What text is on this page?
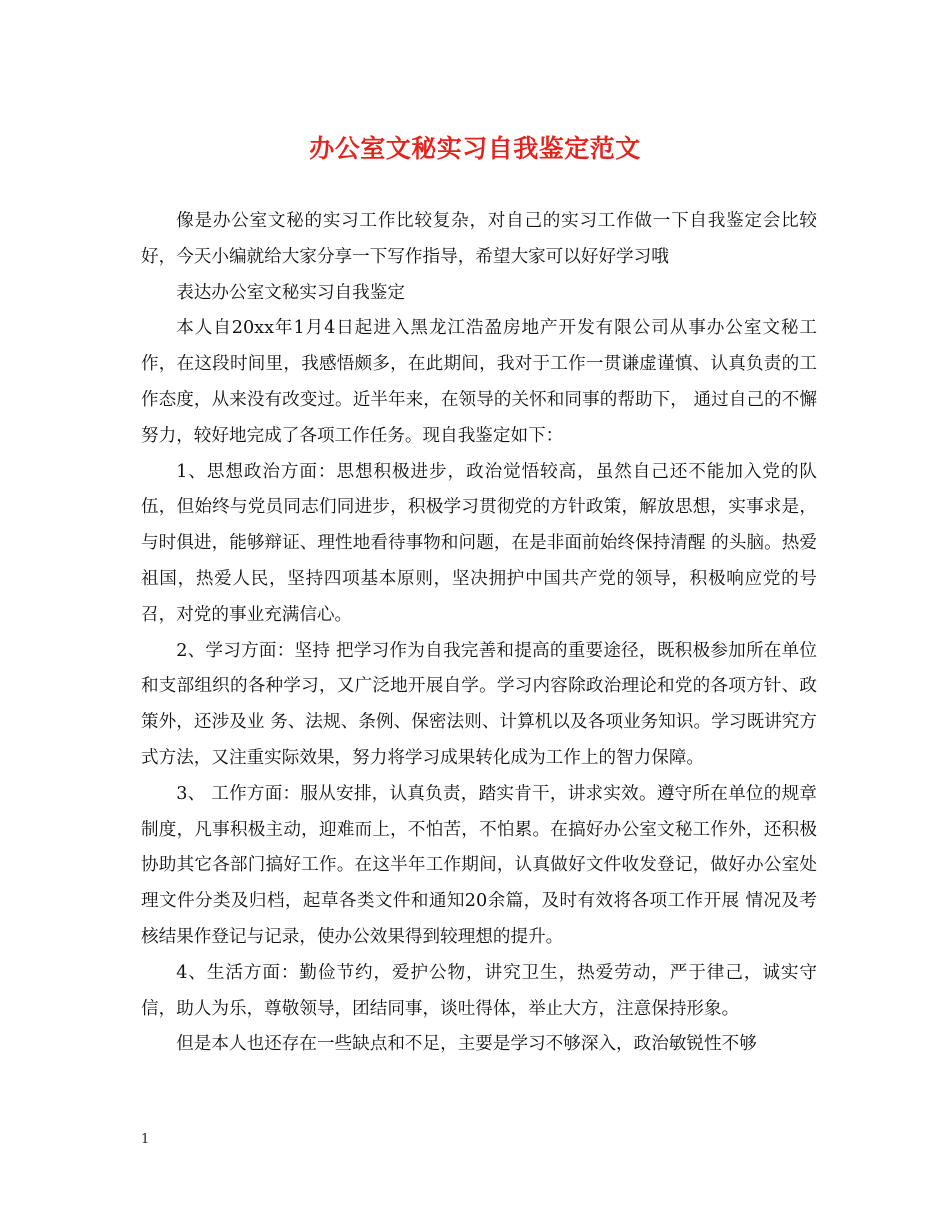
办公室文秘实习自我鉴定范文

像是办公室文秘的实习工作比较复杂，对自己的实习工作做一下自我鉴定会比较好，今天小编就给大家分享一下写作指导，希望大家可以好好学习哦

表达办公室文秘实习自我鉴定

本人自20xx年1月4日起进入黑龙江浩盈房地产开发有限公司从事办公室文秘工作，在这段时间里，我感悟颇多，在此期间，我对于工作一贯谦虚谨慎、认真负责的工作态度，从来没有改变过。近半年来，在领导的关怀和同事的帮助下， 通过自己的不懈努力，较好地完成了各项工作任务。现自我鉴定如下：

1、思想政治方面：思想积极进步，政治觉悟较高，虽然自己还不能加入党的队伍，但始终与党员同志们同进步，积极学习贯彻党的方针政策，解放思想，实事求是，与时俱进，能够辩证、理性地看待事物和问题，在是非面前始终保持清醒 的头脑。热爱祖国，热爱人民，坚持四项基本原则，坚决拥护中国共产党的领导，积极响应党的号召，对党的事业充满信心。

2、学习方面：坚持 把学习作为自我完善和提高的重要途径，既积极参加所在单位和支部组织的各种学习，又广泛地开展自学。学习内容除政治理论和党的各项方针、政策外，还涉及业 务、法规、条例、保密法则、计算机以及各项业务知识。学习既讲究方式方法，又注重实际效果，努力将学习成果转化成为工作上的智力保障。

3、 工作方面：服从安排，认真负责，踏实肯干，讲求实效。遵守所在单位的规章制度，凡事积极主动，迎难而上，不怕苦，不怕累。在搞好办公室文秘工作外，还积极 协助其它各部门搞好工作。在这半年工作期间，认真做好文件收发登记，做好办公室处理文件分类及归档，起草各类文件和通知20余篇，及时有效将各项工作开展 情况及考核结果作登记与记录，使办公效果得到较理想的提升。

4、生活方面：勤俭节约，爱护公物，讲究卫生，热爱劳动，严于律己，诚实守信，助人为乐，尊敬领导，团结同事，谈吐得体，举止大方，注意保持形象。

但是本人也还存在一些缺点和不足，主要是学习不够深入，政治敏锐性不够

1
